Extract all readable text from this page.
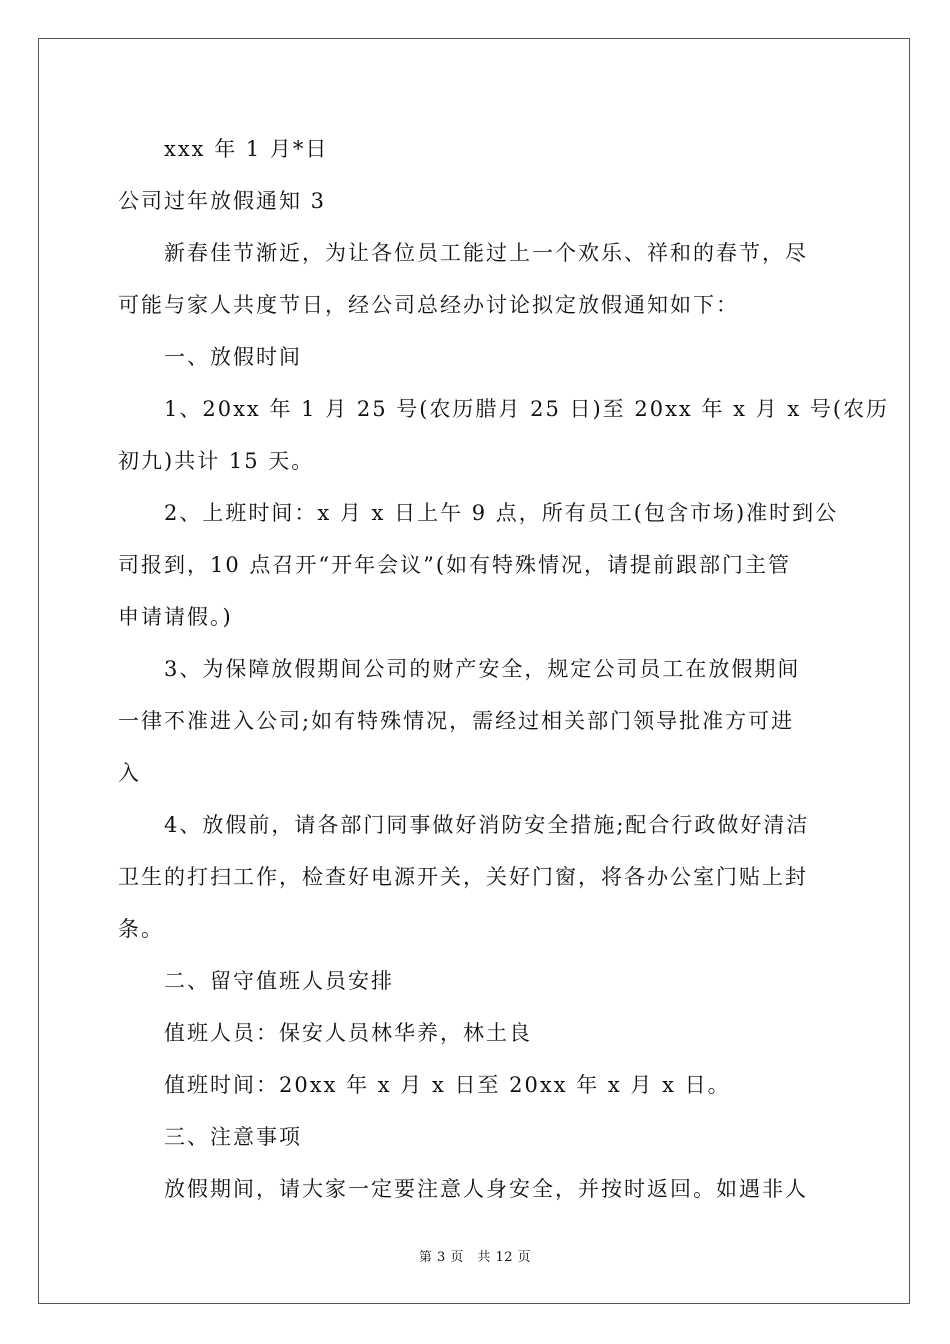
xxx 年 1 月*日
公司过年放假通知 3
新春佳节渐近，为让各位员工能过上一个欢乐、祥和的春节，尽
可能与家人共度节日，经公司总经办讨论拟定放假通知如下：
一、放假时间
1、20xx 年 1 月 25 号(农历腊月 25 日)至 20xx 年 x 月 x 号(农历
初九)共计 15 天。
2、上班时间：x 月 x 日上午 9 点，所有员工(包含市场)准时到公
司报到，10 点召开“开年会议”(如有特殊情况，请提前跟部门主管
申请请假。)
3、为保障放假期间公司的财产安全，规定公司员工在放假期间
一律不准进入公司;如有特殊情况，需经过相关部门领导批准方可进
入
4、放假前，请各部门同事做好消防安全措施;配合行政做好清洁
卫生的打扫工作，检查好电源开关，关好门窗，将各办公室门贴上封
条。
二、留守值班人员安排
值班人员：保安人员林华养，林土良
值班时间：20xx 年 x 月 x 日至 20xx 年 x 月 x 日。
三、注意事项
放假期间，请大家一定要注意人身安全，并按时返回。如遇非人
第 3 页　共 12 页
